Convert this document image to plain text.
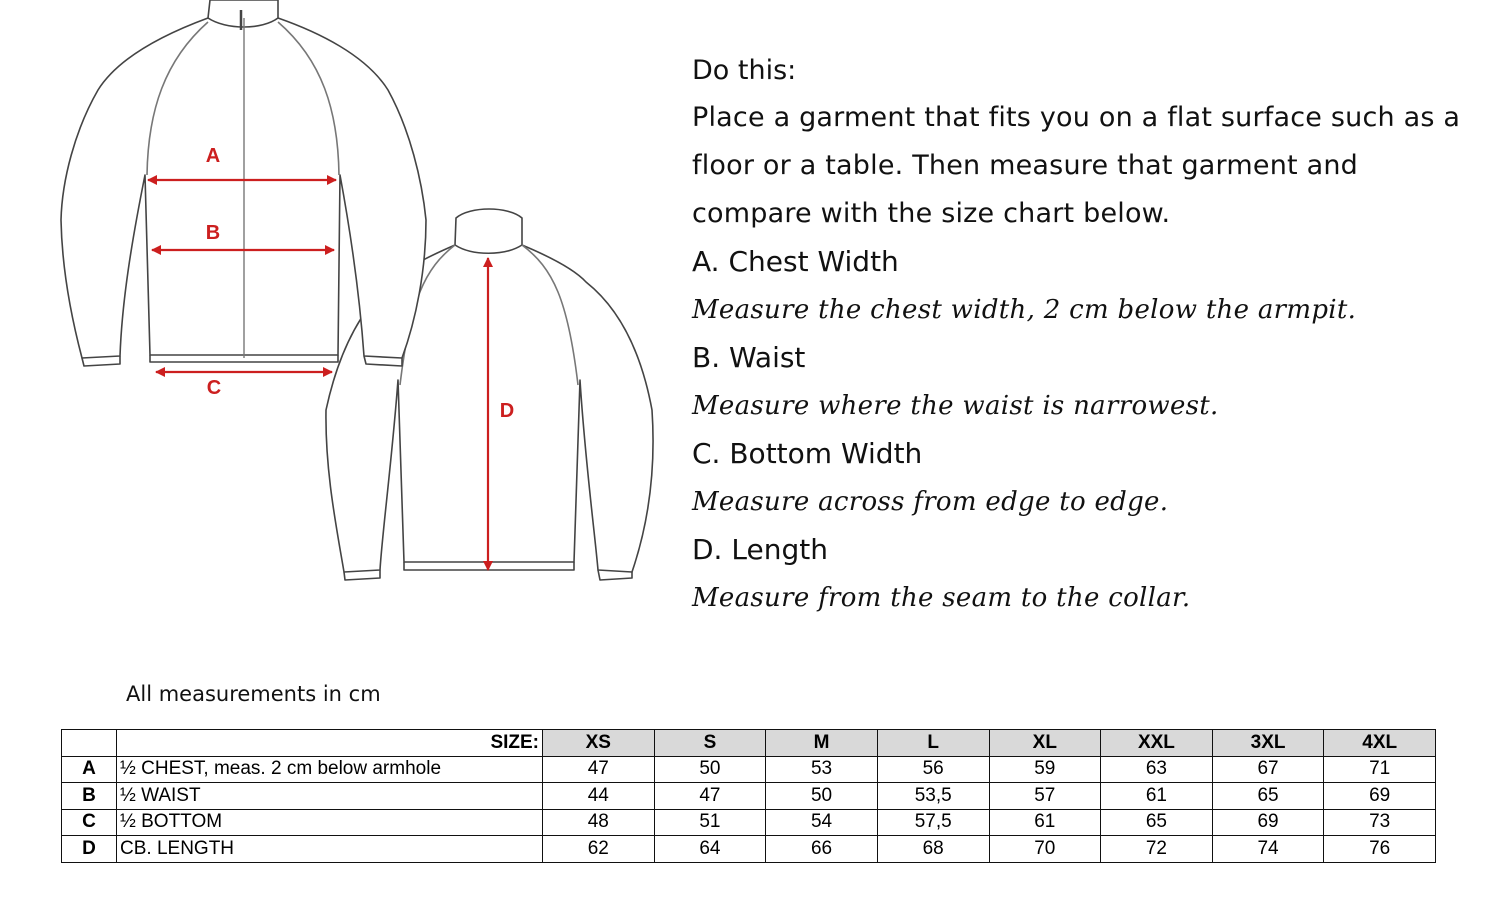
A
B
C
D
Do this:
Place a garment that fits you on a flat surface such as a
floor or a table. Then measure that garment and
compare with the size chart below.
A. Chest Width
Measure the chest width, 2 cm below the armpit.
B. Waist
Measure where the waist is narrowest.
C. Bottom Width
Measure across from edge to edge.
D. Length
Measure from the seam to the collar.
All measurements in cm
	SIZE:	XS	S	M	L	XL	XXL	3XL	4XL
A	½ CHEST, meas. 2 cm below armhole	47	50	53	56	59	63	67	71
B	½ WAIST	44	47	50	53,5	57	61	65	69
C	½ BOTTOM	48	51	54	57,5	61	65	69	73
D	CB. LENGTH	62	64	66	68	70	72	74	76
